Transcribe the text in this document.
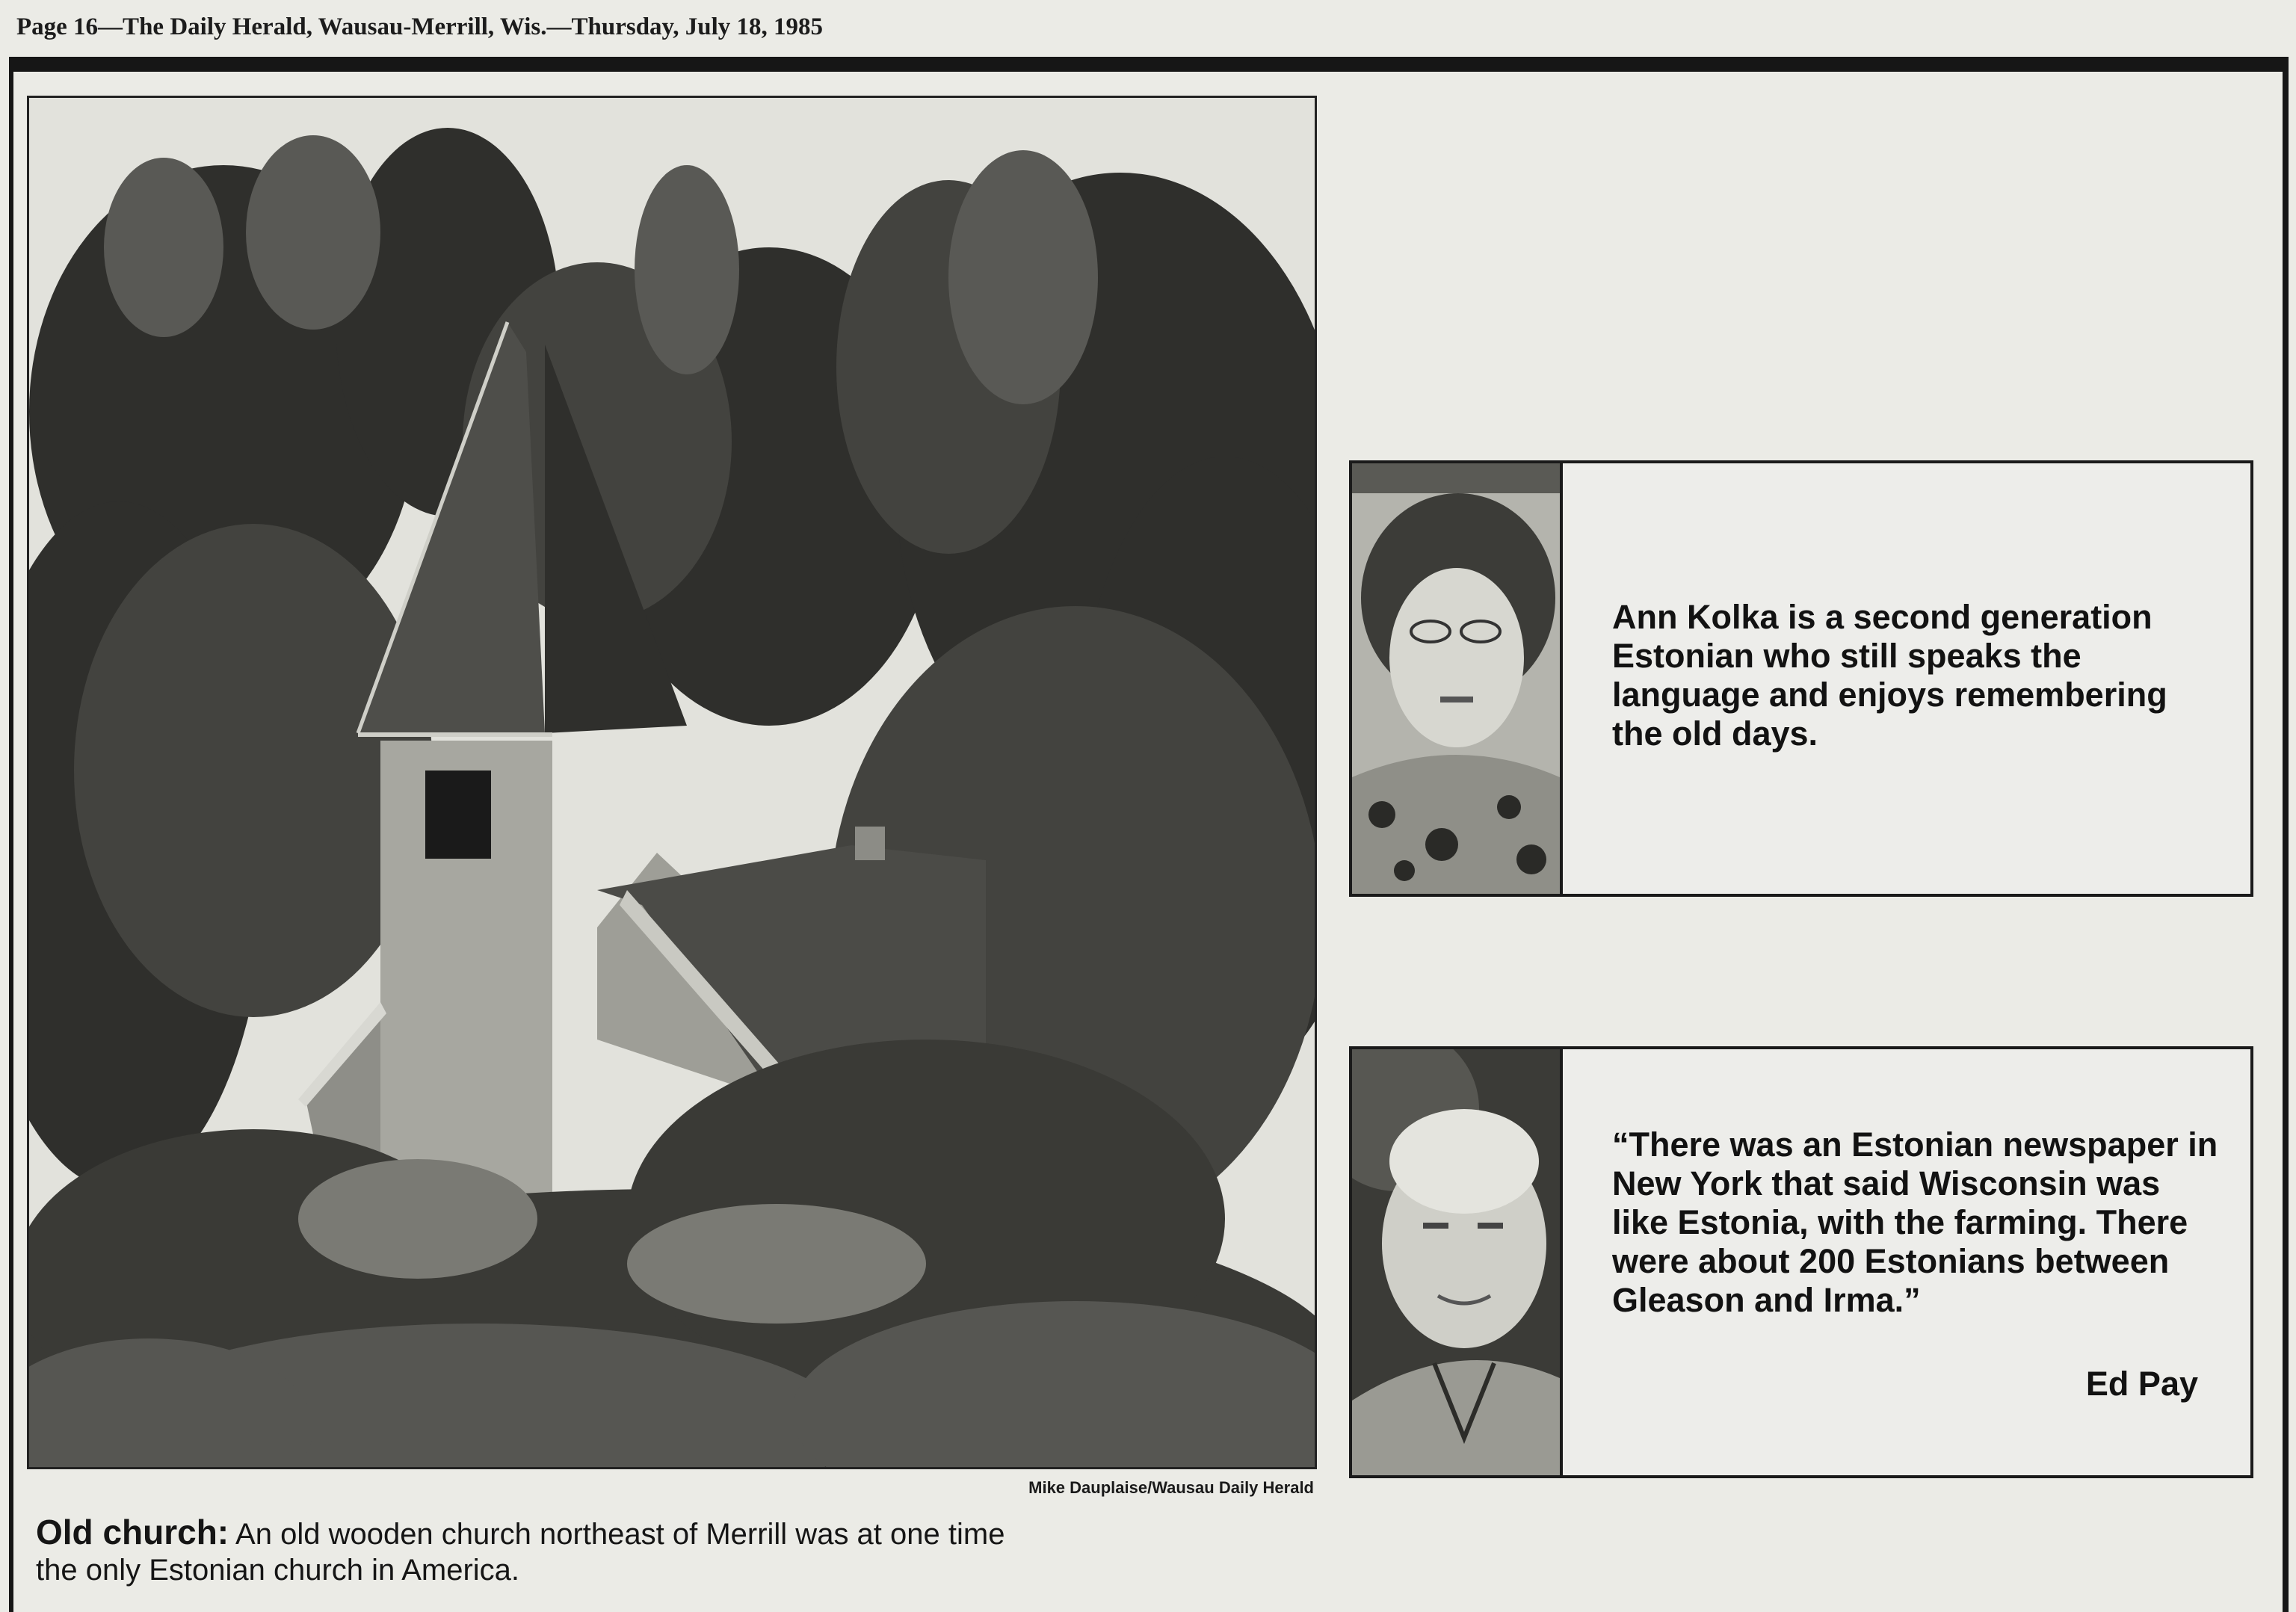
Page 16—The Daily Herald, Wausau-Merrill, Wis.—Thursday, July 18, 1985
Mike Dauplaise/Wausau Daily Herald
Old church: An old wooden church northeast of Merrill was at one time the only Estonian church in America.
Ann Kolka is a second generation Estonian who still speaks the language and enjoys remembering the old days.
“There was an Estonian newspaper in New York that said Wisconsin was like Estonia, with the farming. There were about 200 Estonians between Gleason and Irma.”
Ed Pay
